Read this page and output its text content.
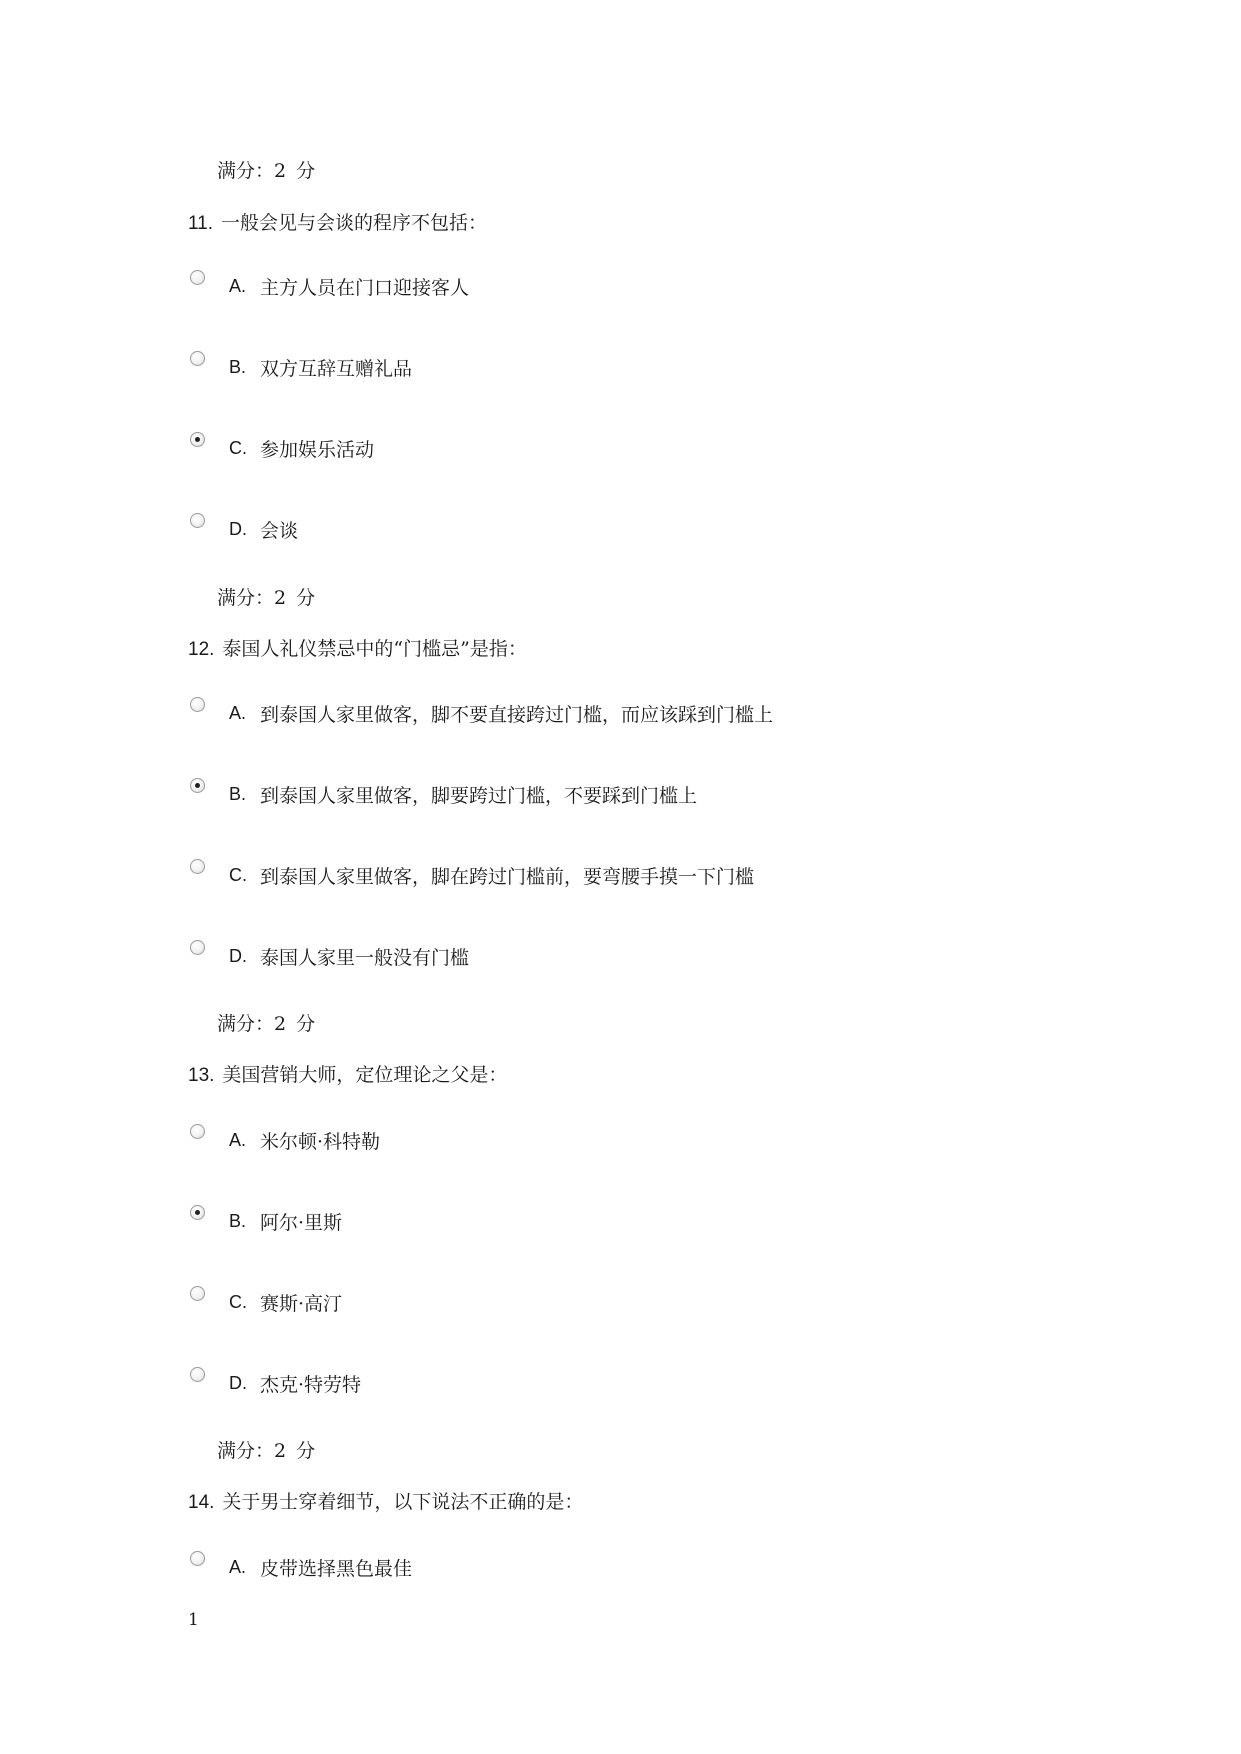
满分：2 分
11. 一般会见与会谈的程序不包括：
A. 主方人员在门口迎接客人
B. 双方互辞互赠礼品
C. 参加娱乐活动
D. 会谈
满分：2 分
12. 泰国人礼仪禁忌中的“门槛忌”是指：
A. 到泰国人家里做客，脚不要直接跨过门槛，而应该踩到门槛上
B. 到泰国人家里做客，脚要跨过门槛，不要踩到门槛上
C. 到泰国人家里做客，脚在跨过门槛前，要弯腰手摸一下门槛
D. 泰国人家里一般没有门槛
满分：2 分
13. 美国营销大师，定位理论之父是：
A. 米尔顿·科特勒
B. 阿尔·里斯
C. 赛斯·高汀
D. 杰克·特劳特
满分：2 分
14. 关于男士穿着细节，以下说法不正确的是：
A. 皮带选择黑色最佳
1
